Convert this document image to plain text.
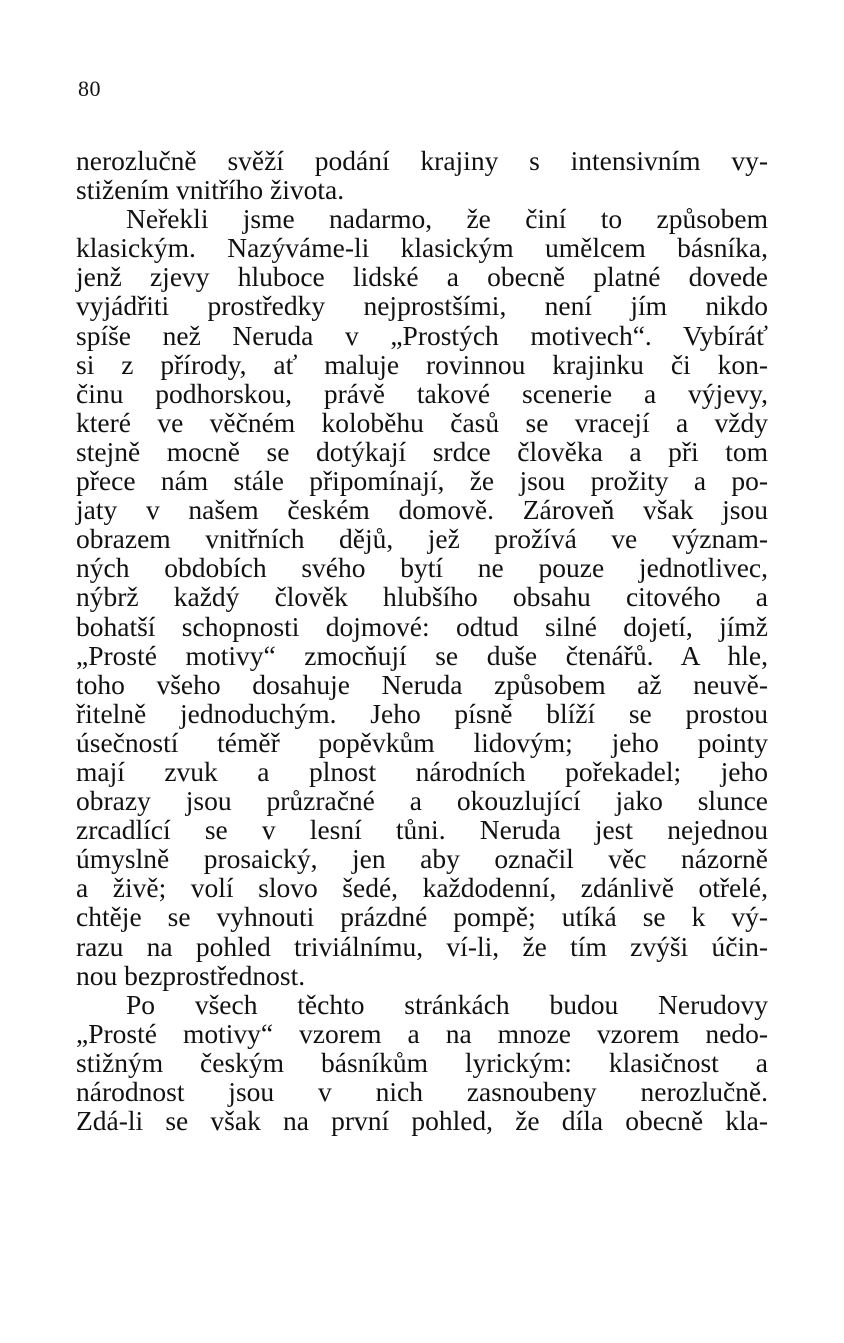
80
nerozlučně svěží podání krajiny s intensivním vy-
stižením vnitřího života.
Neřekli jsme nadarmo, že činí to způsobem
klasickým. Nazýváme-li klasickým umělcem básníka,
jenž zjevy hluboce lidské a obecně platné dovede
vyjádřiti prostředky nejprostšími, není jím nikdo
spíše než Neruda v „Prostých motivech“. Vybíráť
si z přírody, ať maluje rovinnou krajinku či kon-
činu podhorskou, právě takové scenerie a výjevy,
které ve věčném koloběhu časů se vracejí a vždy
stejně mocně se dotýkají srdce člověka a při tom
přece nám stále připomínají, že jsou prožity a po-
jaty v našem českém domově. Zároveň však jsou
obrazem vnitřních dějů, jež prožívá ve význam-
ných obdobích svého bytí ne pouze jednotlivec,
nýbrž každý člověk hlubšího obsahu citového a
bohatší schopnosti dojmové: odtud silné dojetí, jímž
„Prosté motivy“ zmocňují se duše čtenářů. A hle,
toho všeho dosahuje Neruda způsobem až neuvě-
řitelně jednoduchým. Jeho písně blíží se prostou
úsečností téměř popěvkům lidovým; jeho pointy
mají zvuk a plnost národních pořekadel; jeho
obrazy jsou průzračné a okouzlující jako slunce
zrcadlící se v lesní tůni. Neruda jest nejednou
úmyslně prosaický, jen aby označil věc názorně
a živě; volí slovo šedé, každodenní, zdánlivě otřelé,
chtěje se vyhnouti prázdné pompě; utíká se k vý-
razu na pohled triviálnímu, ví-li, že tím zvýši účin-
nou bezprostřednost.
Po všech těchto stránkách budou Nerudovy
„Prosté motivy“ vzorem a na mnoze vzorem nedo-
stižným českým básníkům lyrickým: klasičnost a
národnost jsou v nich zasnoubeny nerozlučně.
Zdá-li se však na první pohled, že díla obecně kla-
